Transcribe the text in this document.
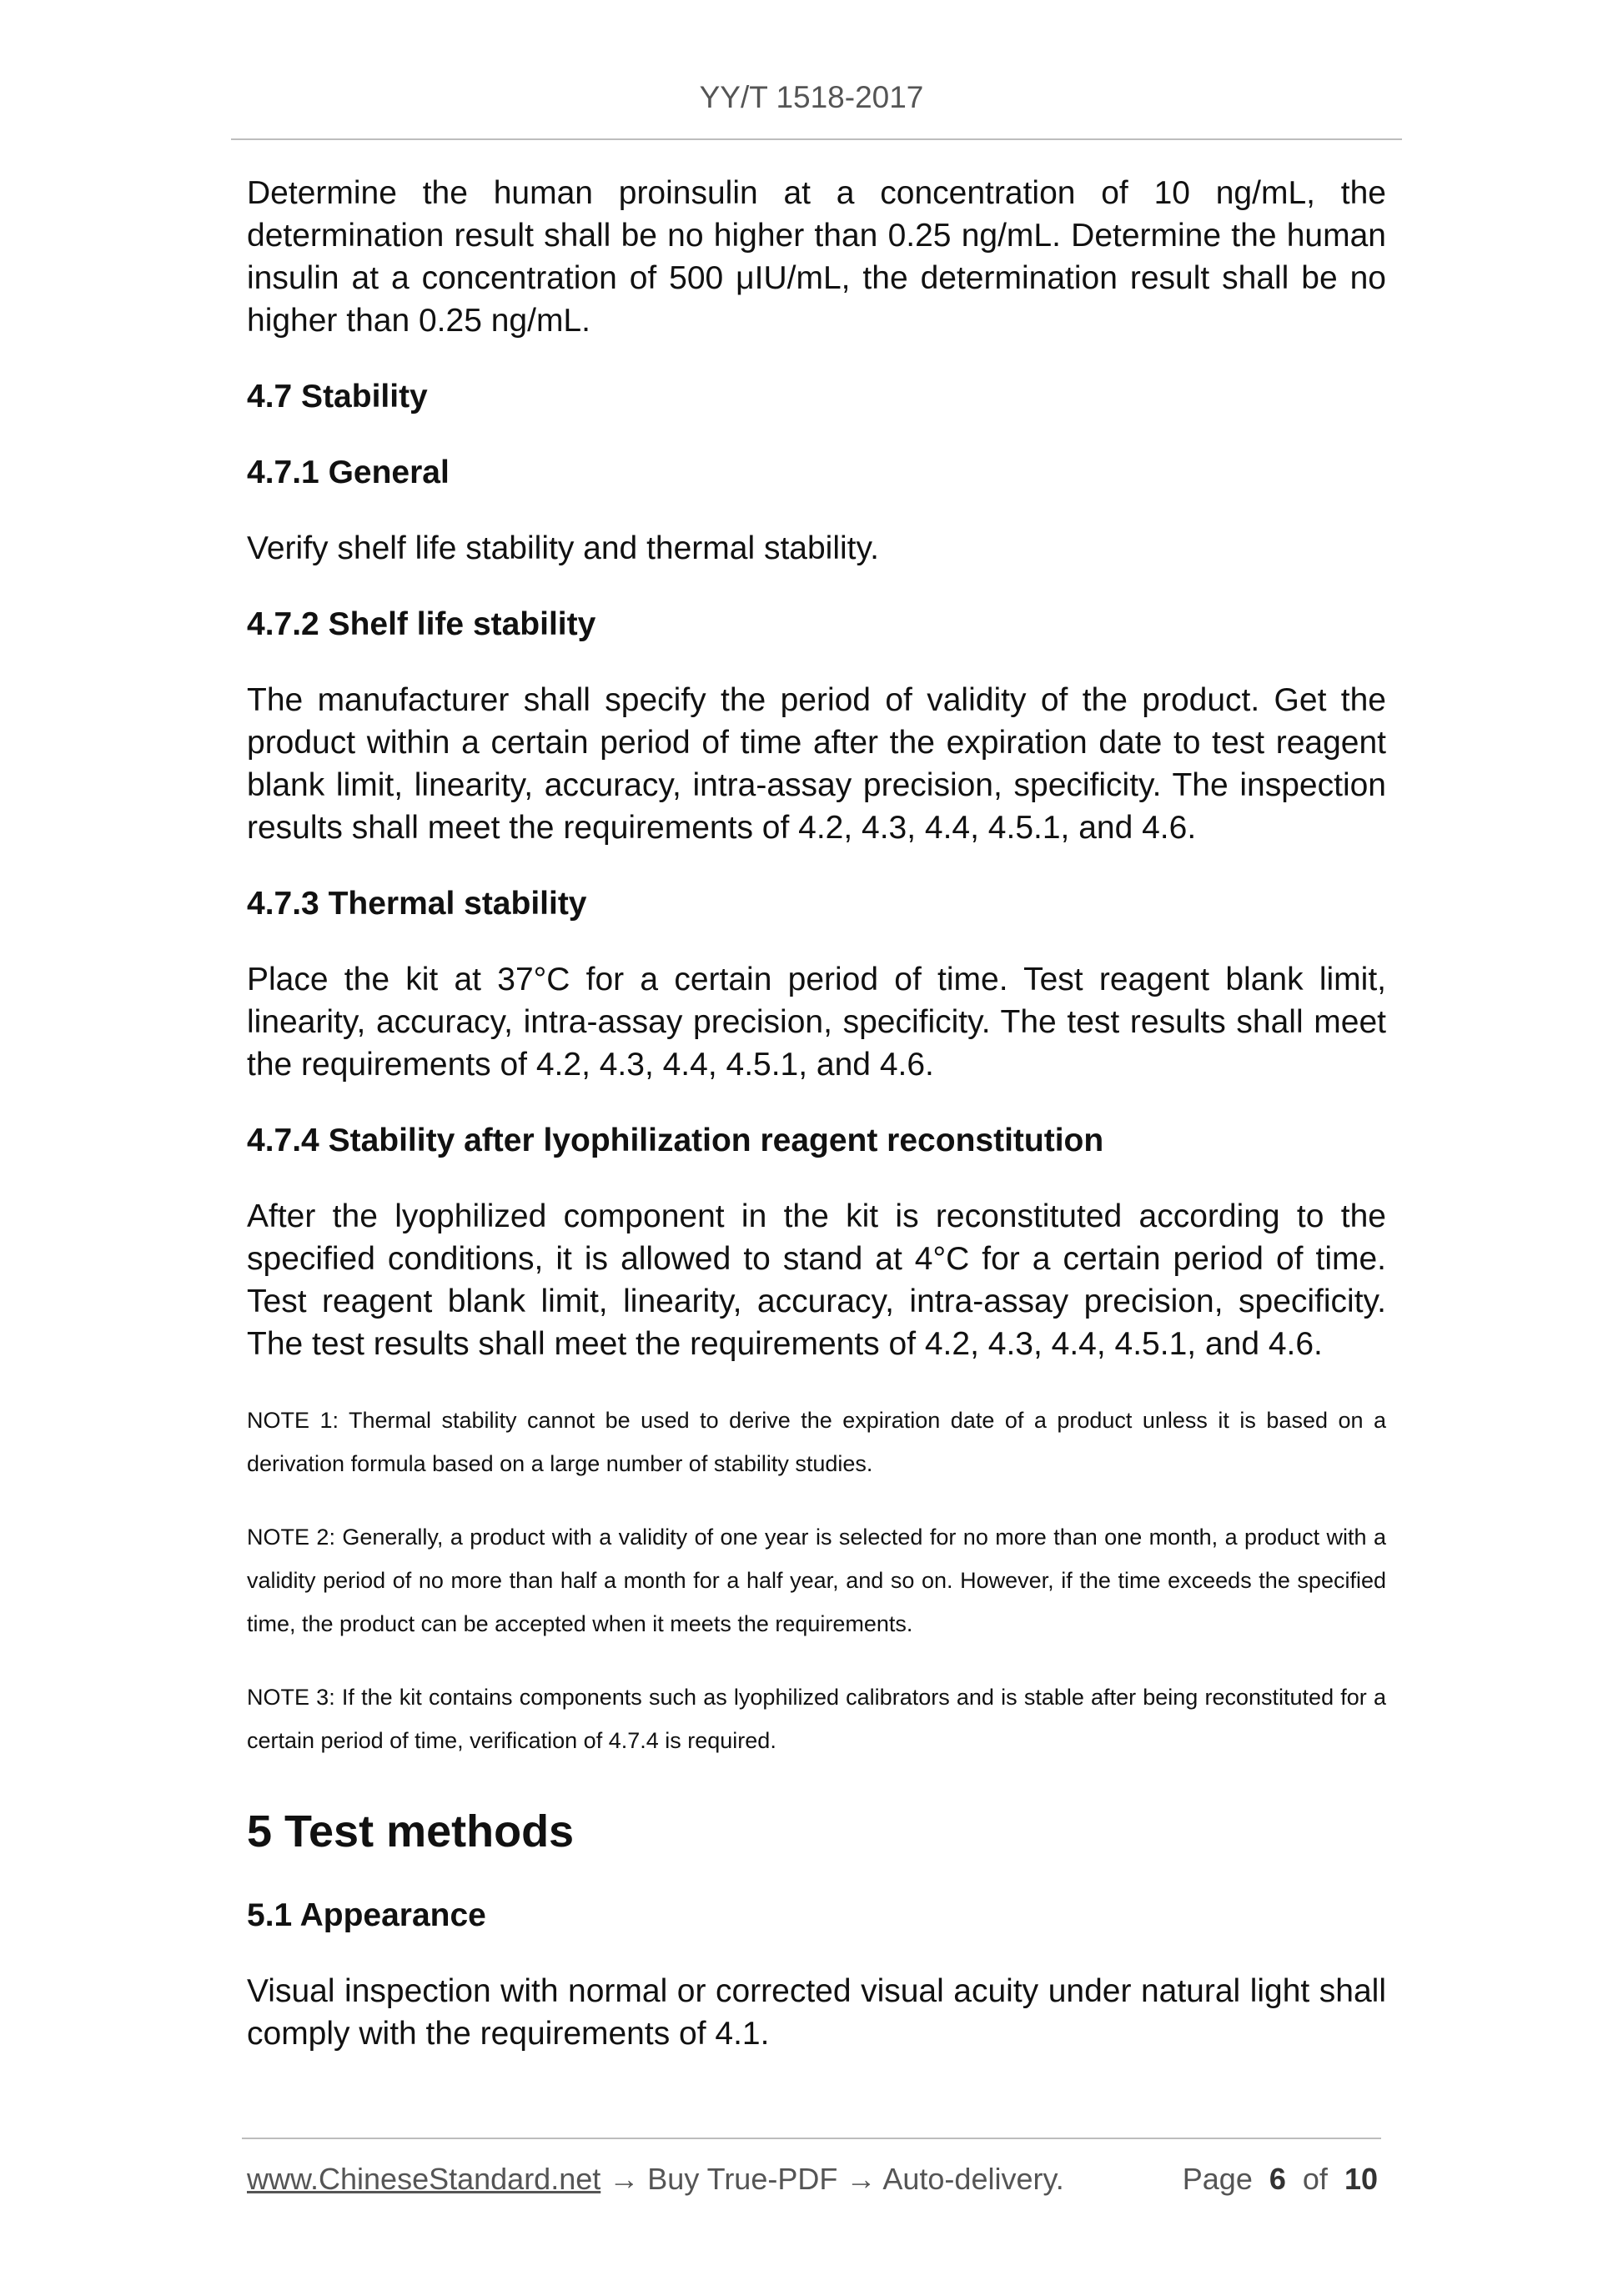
YY/T 1518-2017

Determine the human proinsulin at a concentration of 10 ng/mL, the determination result shall be no higher than 0.25 ng/mL. Determine the human insulin at a concentration of 500 μIU/mL, the determination result shall be no higher than 0.25 ng/mL.

4.7 Stability
4.7.1 General

Verify shelf life stability and thermal stability.

4.7.2 Shelf life stability

The manufacturer shall specify the period of validity of the product. Get the product within a certain period of time after the expiration date to test reagent blank limit, linearity, accuracy, intra-assay precision, specificity. The inspection results shall meet the requirements of 4.2, 4.3, 4.4, 4.5.1, and 4.6.

4.7.3 Thermal stability

Place the kit at 37°C for a certain period of time. Test reagent blank limit, linearity, accuracy, intra-assay precision, specificity. The test results shall meet the requirements of 4.2, 4.3, 4.4, 4.5.1, and 4.6.

4.7.4 Stability after lyophilization reagent reconstitution

After the lyophilized component in the kit is reconstituted according to the specified conditions, it is allowed to stand at 4°C for a certain period of time. Test reagent blank limit, linearity, accuracy, intra-assay precision, specificity. The test results shall meet the requirements of 4.2, 4.3, 4.4, 4.5.1, and 4.6.

NOTE 1: Thermal stability cannot be used to derive the expiration date of a product unless it is based on a derivation formula based on a large number of stability studies.

NOTE 2: Generally, a product with a validity of one year is selected for no more than one month, a product with a validity period of no more than half a month for a half year, and so on. However, if the time exceeds the specified time, the product can be accepted when it meets the requirements.

NOTE 3: If the kit contains components such as lyophilized calibrators and is stable after being reconstituted for a certain period of time, verification of 4.7.4 is required.

5 Test methods
5.1 Appearance

Visual inspection with normal or corrected visual acuity under natural light shall comply with the requirements of 4.1.

www.ChineseStandard.net → Buy True-PDF → Auto-delivery.	Page 6 of 10
